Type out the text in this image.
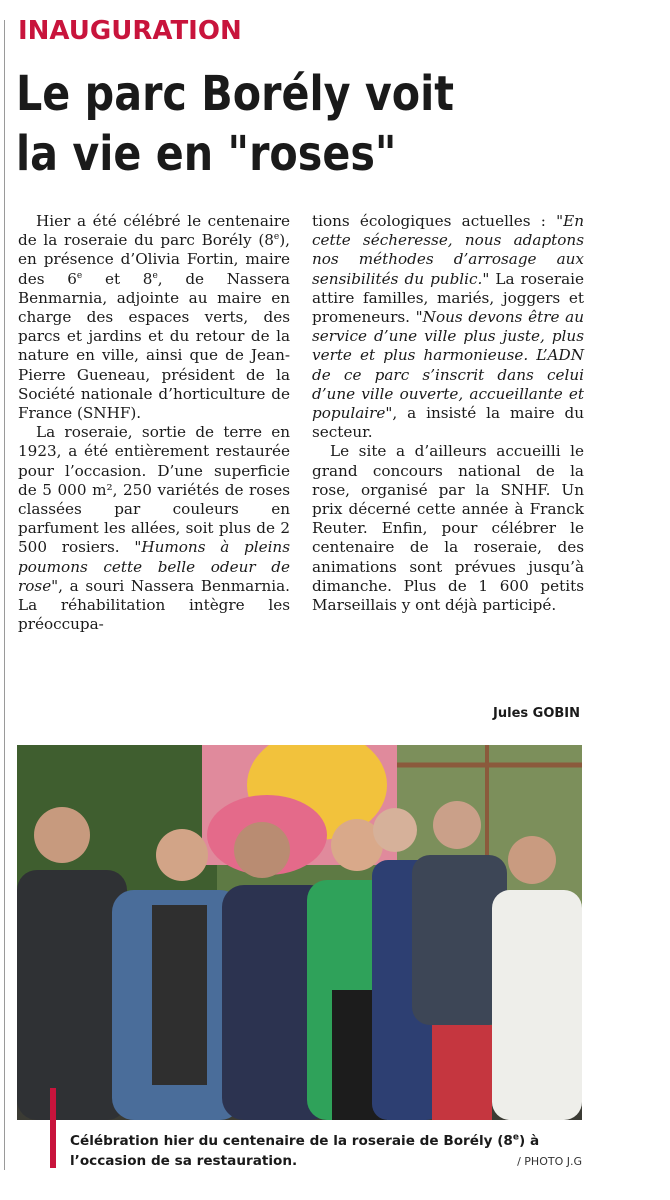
INAUGURATION
Le parc Borély voit
la vie en "roses"

Hier a été célébré le centenaire de la roseraie du parc Borély (8e), en présence d’Olivia Fortin, maire des 6e et 8e, de Nassera Benmarnia, adjointe au maire en charge des espaces verts, des parcs et jardins et du retour de la nature en ville, ainsi que de Jean-Pierre Gueneau, président de la Société nationale d’horticulture de France (SNHF).

La roseraie, sortie de terre en 1923, a été entièrement restaurée pour l’occasion. D’une superficie de 5 000 m², 250 variétés de roses classées par couleurs en parfument les allées, soit plus de 2 500 rosiers. "Humons à pleins poumons cette belle odeur de rose", a souri Nassera Benmarnia. La réhabilitation intègre les préoccupa-

tions écologiques actuelles : "En cette sécheresse, nous adaptons nos méthodes d’arrosage aux sensibilités du public." La roseraie attire familles, mariés, joggers et promeneurs. "Nous devons être au service d’une ville plus juste, plus verte et plus harmonieuse. L’ADN de ce parc s’inscrit dans celui d’une ville ouverte, accueillante et populaire", a insisté la maire du secteur.

Le site a d’ailleurs accueilli le grand concours national de la rose, organisé par la SNHF. Un prix décerné cette année à Franck Reuter. Enfin, pour célébrer le centenaire de la roseraie, des animations sont prévues jusqu’à dimanche. Plus de 1 600 petits Marseillais y ont déjà participé.

Jules GOBIN

Célébration hier du centenaire de la roseraie de Borély (8e) à l’occasion de sa restauration.	/ PHOTO J.G
